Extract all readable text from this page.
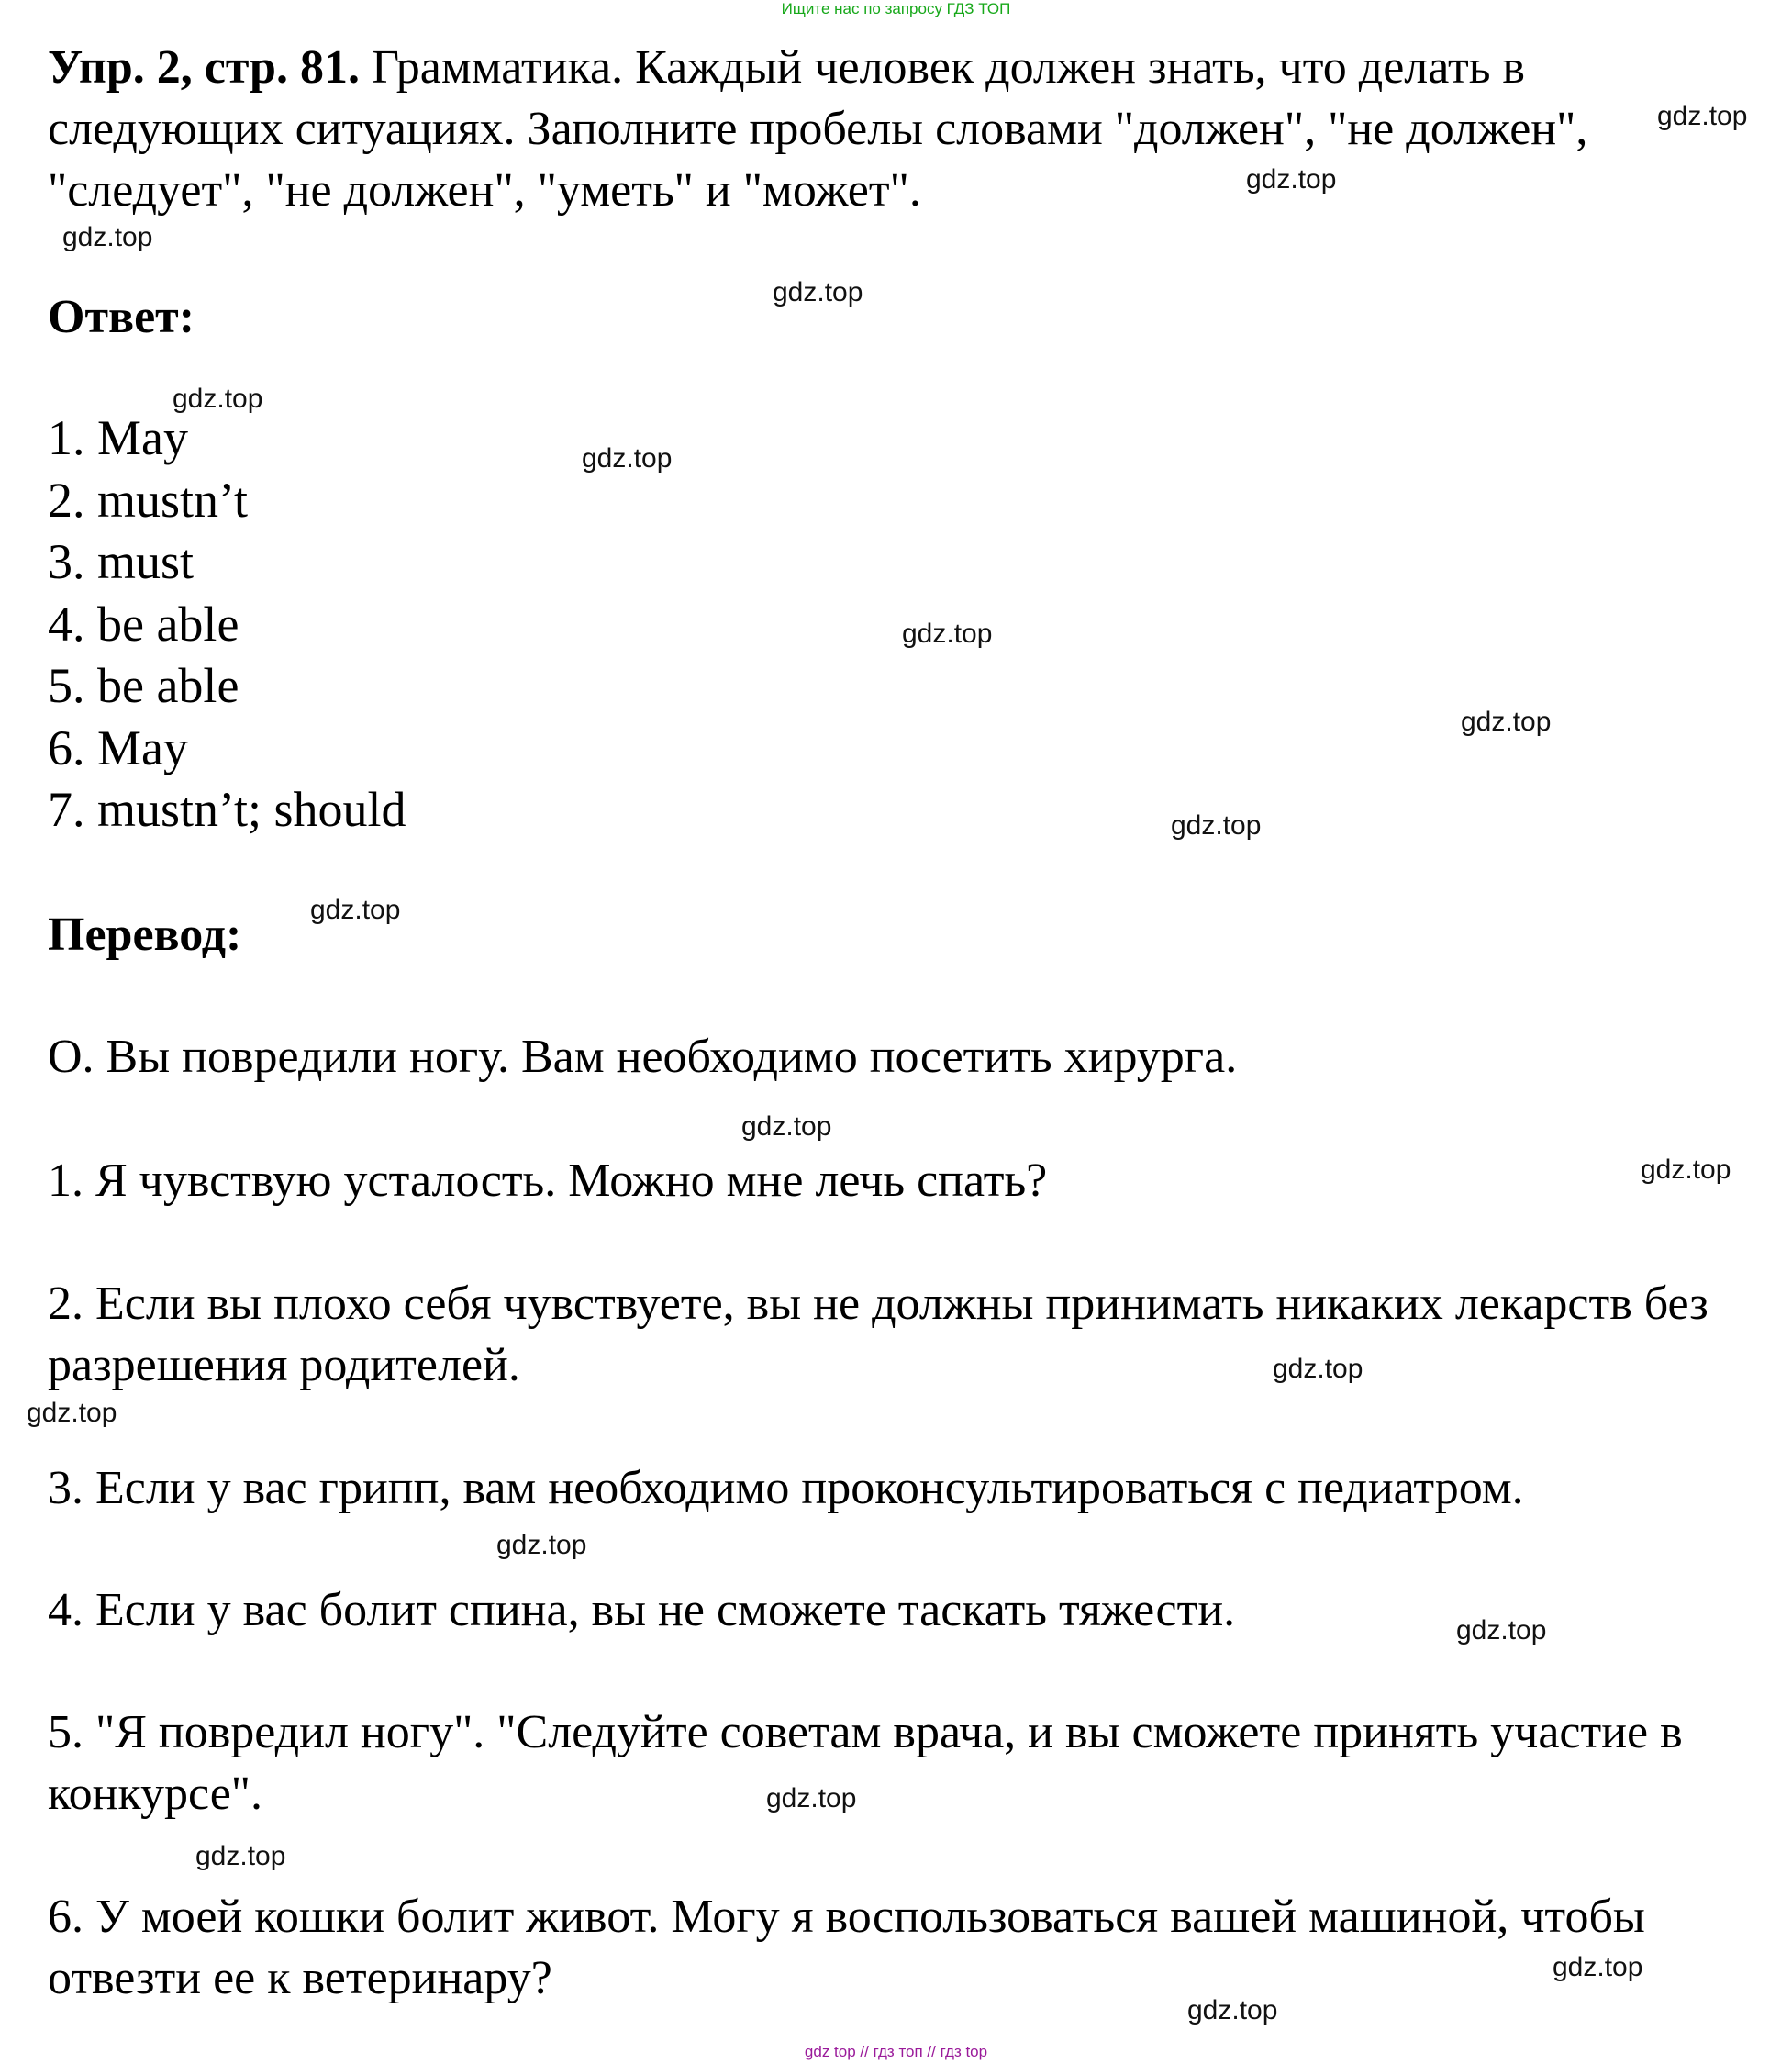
Ищите нас по запросу ГДЗ ТОП

Упр. 2, стр. 81. Грамматика. Каждый человек должен знать, что делать в следующих ситуациях. Заполните пробелы словами "должен", "не должен", "следует", "не должен", "уметь" и "может".

Ответ:
1. May
2. mustn’t
3. must
4. be able
5. be able
6. May
7. mustn’t; should
Перевод:

О. Вы повредили ногу. Вам необходимо посетить хирурга.

1. Я чувствую усталость. Можно мне лечь спать?

2. Если вы плохо себя чувствуете, вы не должны принимать никаких лекарств без разрешения родителей.

3. Если у вас грипп, вам необходимо проконсультироваться с педиатром.

4. Если у вас болит спина, вы не сможете таскать тяжести.

5. "Я повредил ногу". "Следуйте советам врача, и вы сможете принять участие в конкурсе".

6. У моей кошки болит живот. Могу я воспользоваться вашей машиной, чтобы отвезти ее к ветеринару?

gdz.top
gdz.top
gdz.top
gdz.top
gdz.top
gdz.top
gdz.top
gdz.top
gdz.top
gdz.top
gdz.top
gdz.top
gdz.top
gdz.top
gdz.top
gdz.top
gdz.top
gdz.top
gdz.top
gdz.top
gdz top // гдз топ // гдз top
